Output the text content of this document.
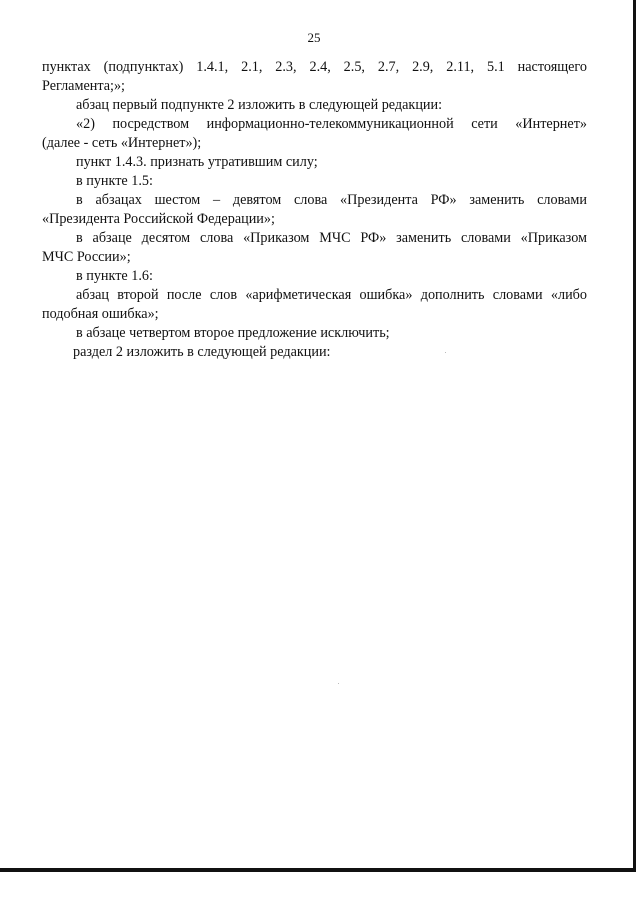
25
пунктах (подпунктах) 1.4.1, 2.1, 2.3, 2.4, 2.5, 2.7, 2.9, 2.11, 5.1 настоящего
Регламента;»;
абзац первый подпункте 2 изложить в следующей редакции:
«2) посредством информационно-телекоммуникационной сети «Интернет»
(далее - сеть «Интернет»);
пункт 1.4.3. признать утратившим силу;
в пункте 1.5:
в абзацах шестом – девятом слова «Президента РФ» заменить словами
«Президента Российской Федерации»;
в абзаце десятом слова «Приказом МЧС РФ» заменить словами «Приказом
МЧС России»;
в пункте 1.6:
абзац второй после слов «арифметическая ошибка» дополнить словами «либо
подобная ошибка»;
в абзаце четвертом второе предложение исключить;
раздел 2 изложить в следующей редакции:
